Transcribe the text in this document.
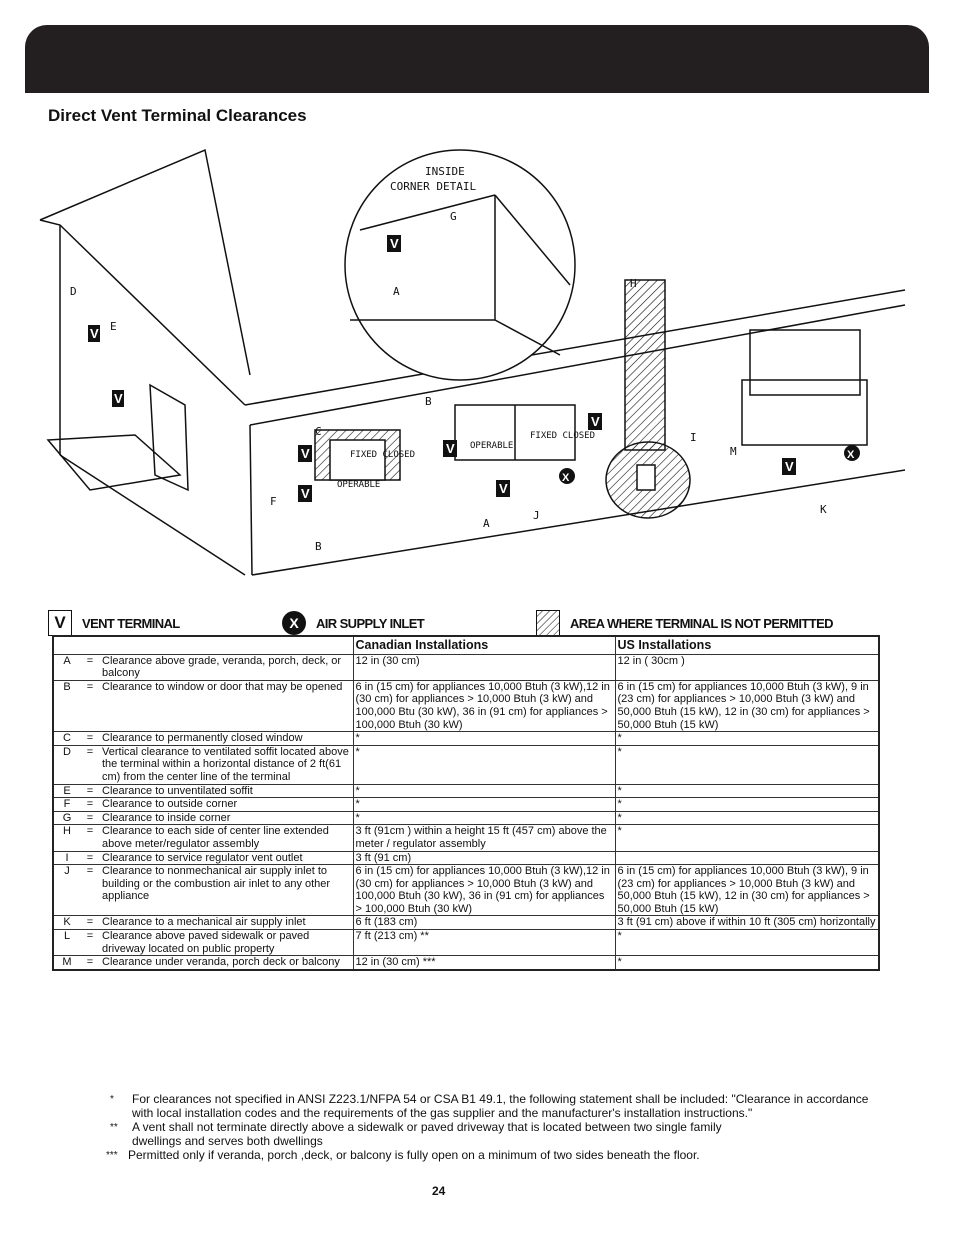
Direct Vent Terminal Clearances
INSIDE
CORNER DETAIL
FIXED CLOSED
OPERABLE
OPERABLE
FIXED CLOSED
H
I
M
K
J
A
F
B
C
B
G
A
E
D
V
V
V
V
V
V
V
V
V
X
X
V	VENT TERMINAL	X	AIR SUPPLY INLET	AREA WHERE TERMINAL IS NOT PERMITTED
	Canadian Installations	US Installations
A = Clearance above grade, veranda, porch, deck, or balcony	12 in (30 cm)	12 in ( 30cm )
B = Clearance to window or door that may be opened	6 in (15 cm) for appliances 10,000 Btuh (3 kW),12 in (30 cm) for appliances > 10,000 Btuh (3 kW) and 100,000 Btu (30 kW), 36 in (91 cm) for appliances > 100,000 Btuh (30 kW)	6 in (15 cm) for appliances 10,000 Btuh (3 kW), 9 in (23 cm) for appliances > 10,000 Btuh (3 kW) and 50,000 Btuh (15 kW), 12 in (30 cm) for appliances > 50,000 Btuh (15 kW)
C = Clearance to permanently closed window	*	*
D = Vertical clearance to ventilated soffit located above the terminal within a horizontal distance of 2 ft(61 cm) from the center line of the terminal	*	*
E = Clearance to unventilated soffit	*	*
F = Clearance to outside corner	*	*
G = Clearance to inside corner	*	*
H = Clearance to each side of center line extended above meter/regulator assembly	3 ft (91cm ) within a height 15 ft (457 cm) above the meter / regulator assembly	*
I = Clearance to service regulator vent outlet	3 ft (91 cm)	
J = Clearance to nonmechanical air supply inlet to building or the combustion air inlet to any other appliance	6 in (15 cm) for appliances 10,000 Btuh (3 kW),12 in (30 cm) for appliances > 10,000 Btuh (3 kW) and 100,000 Btuh (30 kW), 36 in (91 cm) for appliances > 100,000 Btuh (30 kW)	6 in (15 cm) for appliances 10,000 Btuh (3 kW), 9 in (23 cm) for appliances > 10,000 Btuh (3 kW) and 50,000 Btuh (15 kW), 12 in (30 cm) for appliances > 50,000 Btuh (15 kW)
K = Clearance to a mechanical air supply inlet	6 ft (183 cm)	3 ft (91 cm) above if within 10 ft (305 cm) horizontally
L = Clearance above paved sidewalk or paved driveway located on public property	7 ft (213 cm) **	*
M = Clearance under veranda, porch deck or balcony	12 in (30 cm) ***	*
* For clearances not specified in ANSI Z223.1/NFPA 54 or CSA B1 49.1, the following statement shall be included: "Clearance in accordance with local installation codes and the requirements of the gas supplier and the manufacturer's installation instructions."
** A vent shall not terminate directly above a sidewalk or paved driveway that is located between two single family dwellings and serves both dwellings
*** Permitted only if veranda, porch ,deck, or balcony is fully open on a minimum of two sides beneath the floor.
24
